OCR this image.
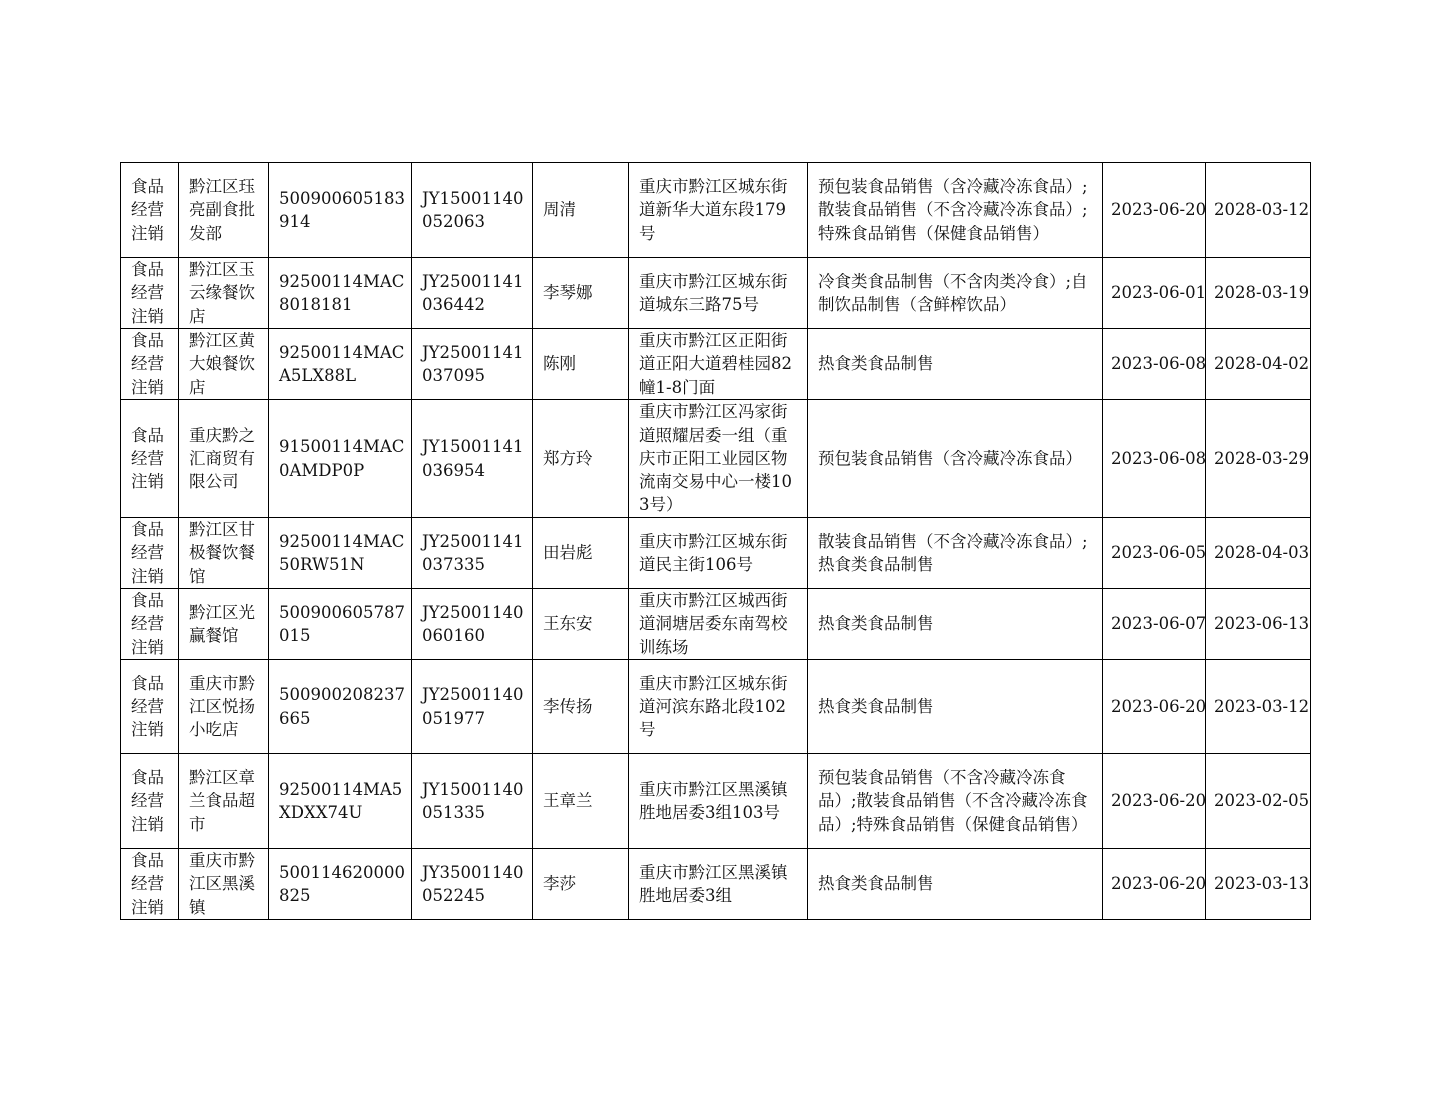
食品经营注销	黔江区珏亮副食批发部	500900605183914	JY15001140052063	周清	重庆市黔江区城东街道新华大道东段179号	预包装食品销售（含冷藏冷冻食品）;散装食品销售（不含冷藏冷冻食品）;特殊食品销售（保健食品销售）	2023-06-20	2028-03-12
食品经营注销	黔江区玉云缘餐饮店	92500114MAC8018181	JY25001141036442	李琴娜	重庆市黔江区城东街道城东三路75号	冷食类食品制售（不含肉类冷食）;自制饮品制售（含鲜榨饮品）	2023-06-01	2028-03-19
食品经营注销	黔江区黄大娘餐饮店	92500114MACA5LX88L	JY25001141037095	陈刚	重庆市黔江区正阳街道正阳大道碧桂园82幢1-8门面	热食类食品制售	2023-06-08	2028-04-02
食品经营注销	重庆黔之汇商贸有限公司	91500114MAC0AMDP0P	JY15001141036954	郑方玲	重庆市黔江区冯家街道照耀居委一组（重庆市正阳工业园区物流南交易中心一楼103号）	预包装食品销售（含冷藏冷冻食品）	2023-06-08	2028-03-29
食品经营注销	黔江区甘极餐饮餐馆	92500114MAC50RW51N	JY25001141037335	田岩彪	重庆市黔江区城东街道民主街106号	散装食品销售（不含冷藏冷冻食品）;热食类食品制售	2023-06-05	2028-04-03
食品经营注销	黔江区光赢餐馆	500900605787015	JY25001140060160	王东安	重庆市黔江区城西街道洞塘居委东南驾校训练场	热食类食品制售	2023-06-07	2023-06-13
食品经营注销	重庆市黔江区悦扬小吃店	500900208237665	JY25001140051977	李传扬	重庆市黔江区城东街道河滨东路北段102号	热食类食品制售	2023-06-20	2023-03-12
食品经营注销	黔江区章兰食品超市	92500114MA5XDXX74U	JY15001140051335	王章兰	重庆市黔江区黑溪镇胜地居委3组103号	预包装食品销售（不含冷藏冷冻食品）;散装食品销售（不含冷藏冷冻食品）;特殊食品销售（保健食品销售）	2023-06-20	2023-02-05
食品经营注销	重庆市黔江区黑溪镇	500114620000825	JY35001140052245	李莎	重庆市黔江区黑溪镇胜地居委3组	热食类食品制售	2023-06-20	2023-03-13
